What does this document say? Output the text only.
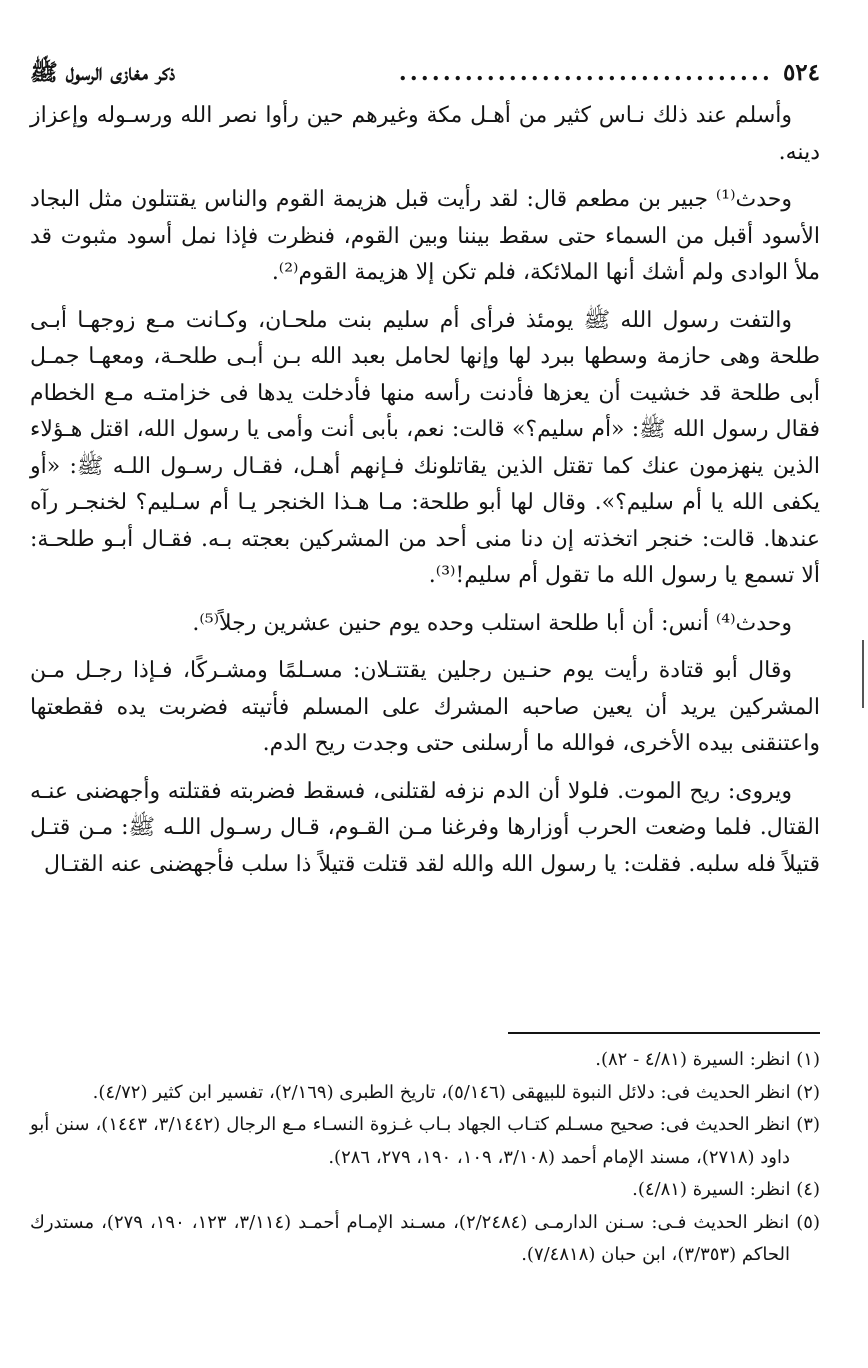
٥٢٤
..................................
ذكر مغازى الرسول ﷺ

وأسلم عند ذلك نـاس كثير من أهـل مكة وغيرهم حين رأوا نصر الله ورسـوله وإعزاز دينه.

وحدث⁽¹⁾ جبير بن مطعم قال: لقد رأيت قبل هزيمة القوم والناس يقتتلون مثل البجاد الأسود أقبل من السماء حتى سقط بيننا وبين القوم، فنظرت فإذا نمل أسود مثبوت قد ملأ الوادى ولم أشك أنها الملائكة، فلم تكن إلا هزيمة القوم⁽²⁾.

والتفت رسول الله ﷺ يومئذ فرأى أم سليم بنت ملحـان، وكـانت مـع زوجهـا أبـى طلحة وهى حازمة وسطها ببرد لها وإنها لحامل بعبد الله بـن أبـى طلحـة، ومعهـا جمـل أبى طلحة قد خشيت أن يعزها فأدنت رأسه منها فأدخلت يدها فى خزامتـه مـع الخطام فقال رسول الله ﷺ: «أم سليم؟» قالت: نعم، بأبى أنت وأمى يا رسول الله، اقتل هـؤلاء الذين ينهزمون عنك كما تقتل الذين يقاتلونك فـإنهم أهـل، فقـال رسـول اللـه ﷺ: «أو يكفى الله يا أم سليم؟». وقال لها أبو طلحة: مـا هـذا الخنجر يـا أم سـليم؟ لخنجـر رآه عندها. قالت: خنجر اتخذته إن دنا منى أحد من المشركين بعجته بـه. فقـال أبـو طلحـة: ألا تسمع يا رسول الله ما تقول أم سليم!⁽³⁾.

وحدث⁽⁴⁾ أنس: أن أبا طلحة استلب وحده يوم حنين عشرين رجلاً⁽⁵⁾.

وقال أبو قتادة رأيت يوم حنـين رجلين يقتتـلان: مسـلمًا ومشـركًا، فـإذا رجـل مـن المشركين يريد أن يعين صاحبه المشرك على المسلم فأتيته فضربت يده فقطعتها واعتنقنى بيده الأخرى، فوالله ما أرسلنى حتى وجدت ريح الدم.

ويروى: ريح الموت. فلولا أن الدم نزفه لقتلنى، فسقط فضربته فقتلته وأجهضنى عنـه القتال. فلما وضعت الحرب أوزارها وفرغنا مـن القـوم، قـال رسـول اللـه ﷺ: مـن قتـل قتيلاً فله سلبه. فقلت: يا رسول الله والله لقد قتلت قتيلاً ذا سلب فأجهضنى عنه القتـال

(١) انظر: السيرة (٤/٨١ - ٨٢).

(٢) انظر الحديث فى: دلائل النبوة للبيهقى (٥/١٤٦)، تاريخ الطبرى (٢/١٦٩)، تفسير ابن كثير (٤/٧٢).

(٣) انظر الحديث فى: صحيح مسـلم كتـاب الجهاد بـاب غـزوة النسـاء مـع الرجال (٣/١٤٤٢، ١٤٤٣)، سنن أبو داود (٢٧١٨)، مسند الإمام أحمد (٣/١٠٨، ١٠٩، ١٩٠، ٢٧٩، ٢٨٦).

(٤) انظر: السيرة (٤/٨١).

(٥) انظر الحديث فـى: سـنن الدارمـى (٢/٢٤٨٤)، مسـند الإمـام أحمـد (٣/١١٤، ١٢٣، ١٩٠، ٢٧٩)، مستدرك الحاكم (٣/٣٥٣)، ابن حبان (٧/٤٨١٨).
